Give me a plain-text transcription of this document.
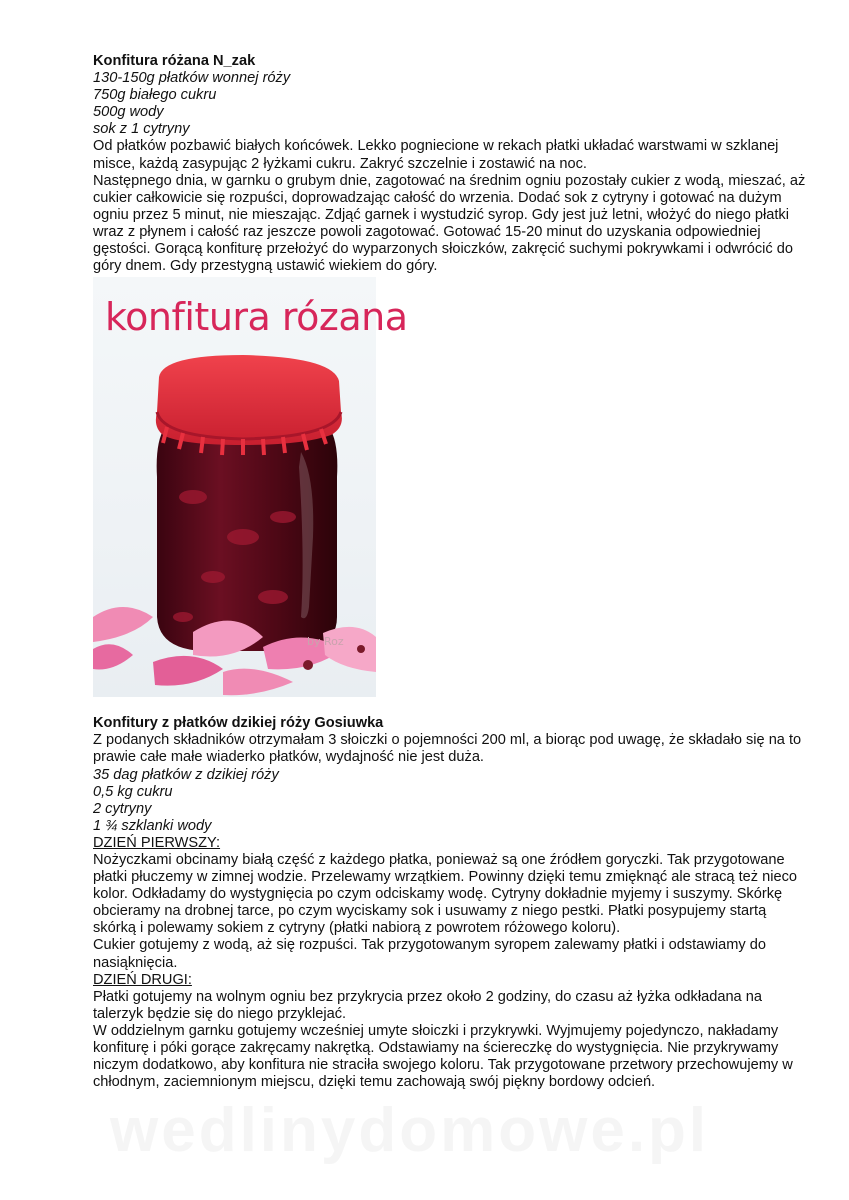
Konfitura różana N_zak

130-150g płatków wonnej róży

750g białego cukru

500g wody

sok z 1 cytryny

Od płatków pozbawić białych końcówek. Lekko pogniecione w rekach płatki układać warstwami w szklanej misce, każdą zasypując 2 łyżkami cukru. Zakryć szczelnie i zostawić na noc.

Następnego dnia, w garnku o grubym dnie, zagotować na średnim ogniu pozostały cukier z wodą, mieszać, aż cukier całkowicie się rozpuści, doprowadzając całość do wrzenia. Dodać sok z cytryny i gotować na dużym ogniu przez 5 minut, nie mieszając. Zdjąć garnek i wystudzić syrop. Gdy jest już letni, włożyć do niego płatki wraz z płynem i całość raz jeszcze powoli zagotować. Gotować 15-20 minut do uzyskania odpowiedniej gęstości. Gorącą konfiturę przełożyć do wyparzonych słoiczków, zakręcić suchymi pokrywkami i odwrócić do góry dnem. Gdy przestygną ustawić wiekiem do góry.

konfitura rózana
by Roz
Konfitury z płatków dzikiej róży Gosiuwka

Z podanych składników otrzymałam 3 słoiczki o pojemności 200 ml, a biorąc pod uwagę, że składało się na to prawie całe małe wiaderko płatków, wydajność nie jest duża.

35 dag płatków z dzikiej róży

0,5 kg cukru

2 cytryny

1 ¾ szklanki wody

DZIEŃ PIERWSZY:

Nożyczkami obcinamy białą część z każdego płatka, ponieważ są one źródłem goryczki. Tak przygotowane płatki płuczemy w zimnej wodzie. Przelewamy wrzątkiem. Powinny dzięki temu zmięknąć ale stracą też nieco kolor. Odkładamy do wystygnięcia po czym odciskamy wodę. Cytryny dokładnie myjemy i suszymy. Skórkę obcieramy na drobnej tarce, po czym wyciskamy sok i usuwamy z niego pestki. Płatki posypujemy startą skórką i polewamy sokiem z cytryny (płatki nabiorą z powrotem różowego koloru).

Cukier gotujemy z wodą, aż się rozpuści. Tak przygotowanym syropem zalewamy płatki i odstawiamy do nasiąknięcia.

DZIEŃ DRUGI:

Płatki gotujemy na wolnym ogniu bez przykrycia przez około 2 godziny, do czasu aż łyżka odkładana na talerzyk będzie się do niego przyklejać.

W oddzielnym garnku gotujemy wcześniej umyte słoiczki i przykrywki. Wyjmujemy pojedynczo, nakładamy konfiturę i póki gorące zakręcamy nakrętką. Odstawiamy na ściereczkę do wystygnięcia. Nie przykrywamy niczym dodatkowo, aby konfitura nie straciła swojego koloru. Tak przygotowane przetwory przechowujemy w chłodnym, zaciemnionym miejscu, dzięki temu zachowają swój piękny bordowy odcień.

wedlinydomowe.pl
